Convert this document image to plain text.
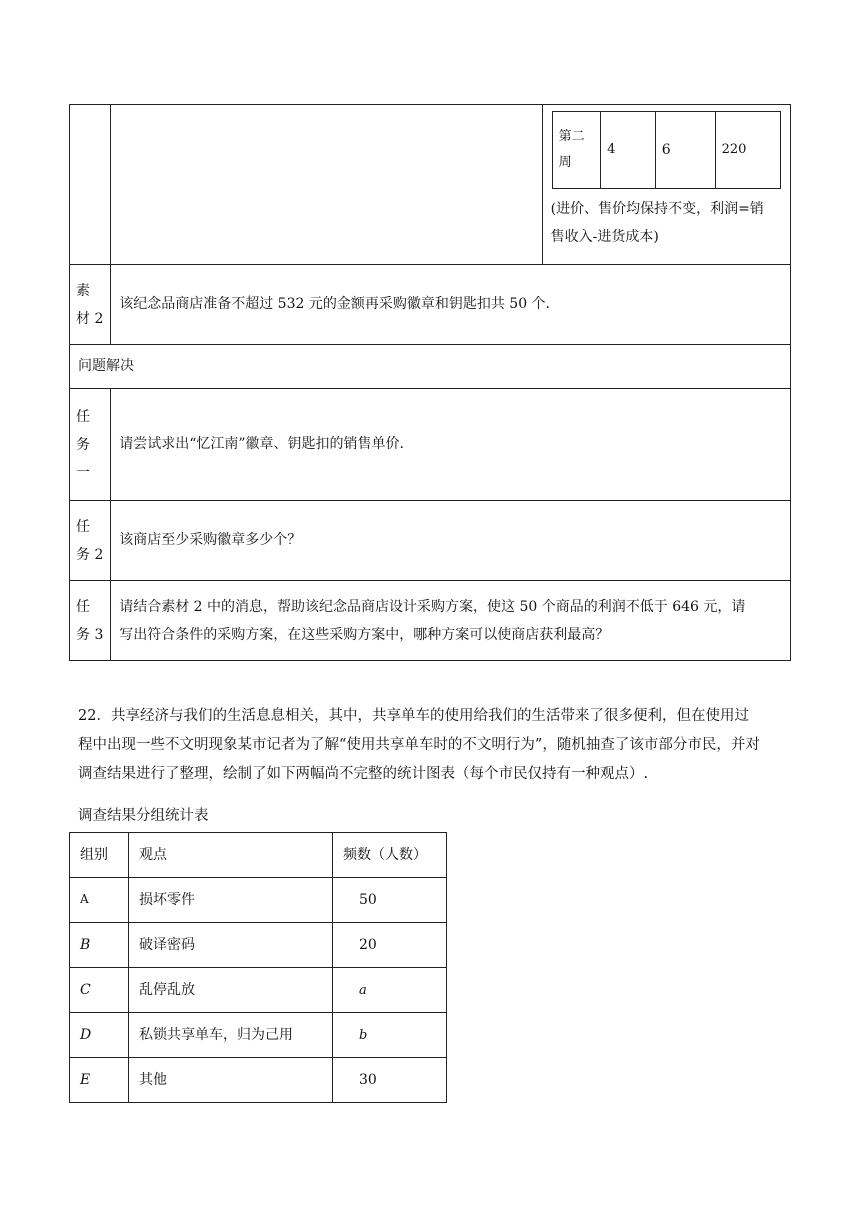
第二
周
	4	6	220
(进价、售价均保持不变，利润=销
售收入-进货成本)

素
材 2
	该纪念品商店准备不超过 532 元的金额再采购徽章和钥匙扣共 50 个.
问题解决

任
务
一
	请尝试求出“忆江南”徽章、钥匙扣的销售单价.

任
务 2
	该商店至少采购徽章多少个？

任
务 3

请结合素材 2 中的消息，帮助该纪念品商店设计采购方案，使这 50 个商品的利润不低于 646 元，请
写出符合条件的采购方案，在这些采购方案中，哪种方案可以使商店获利最高？
22．共享经济与我们的生活息息相关，其中，共享单车的使用给我们的生活带来了很多便利，但在使用过
程中出现一些不文明现象某市记者为了解“使用共享单车时的不文明行为”，随机抽查了该市部分市民，并对
调查结果进行了整理，绘制了如下两幅尚不完整的统计图表（每个市民仅持有一种观点）.
调查结果分组统计表
组别	观点	频数（人数）
A	损坏零件	50
B	破译密码	20
C	乱停乱放	a
D	私锁共享单车，归为己用	b
E	其他	30
